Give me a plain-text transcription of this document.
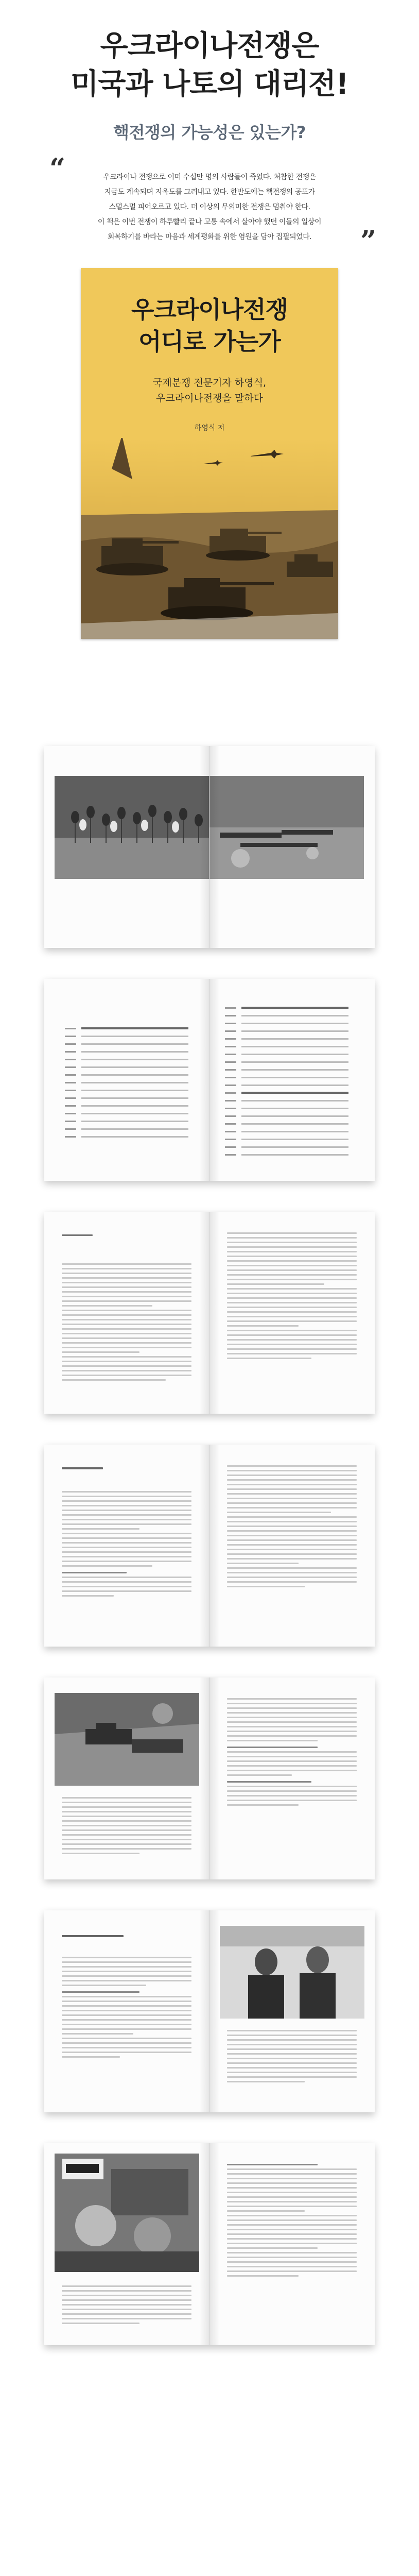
우크라이나전쟁은
미국과 나토의 대리전!
핵전쟁의 가능성은 있는가?
“	우크라이나 전쟁으로 이미 수십만 명의 사람들이 죽었다. 처참한 전쟁은
지금도 계속되며 지옥도를 그려내고 있다. 한반도에는 핵전쟁의 공포가
스멀스멀 피어오르고 있다. 더 이상의 무의미한 전쟁은 멈춰야 한다.
이 책은 이번 전쟁이 하루빨리 끝나 고통 속에서 살아야 했던 이들의 일상이
회복하기를 바라는 마음과 세계평화를 위한 염원을 담아 집필되었다.	”
우크라이나전쟁
어디로 가는가
국제분쟁 전문기자 하영식,
우크라이나전쟁을 말하다
하영식 저
